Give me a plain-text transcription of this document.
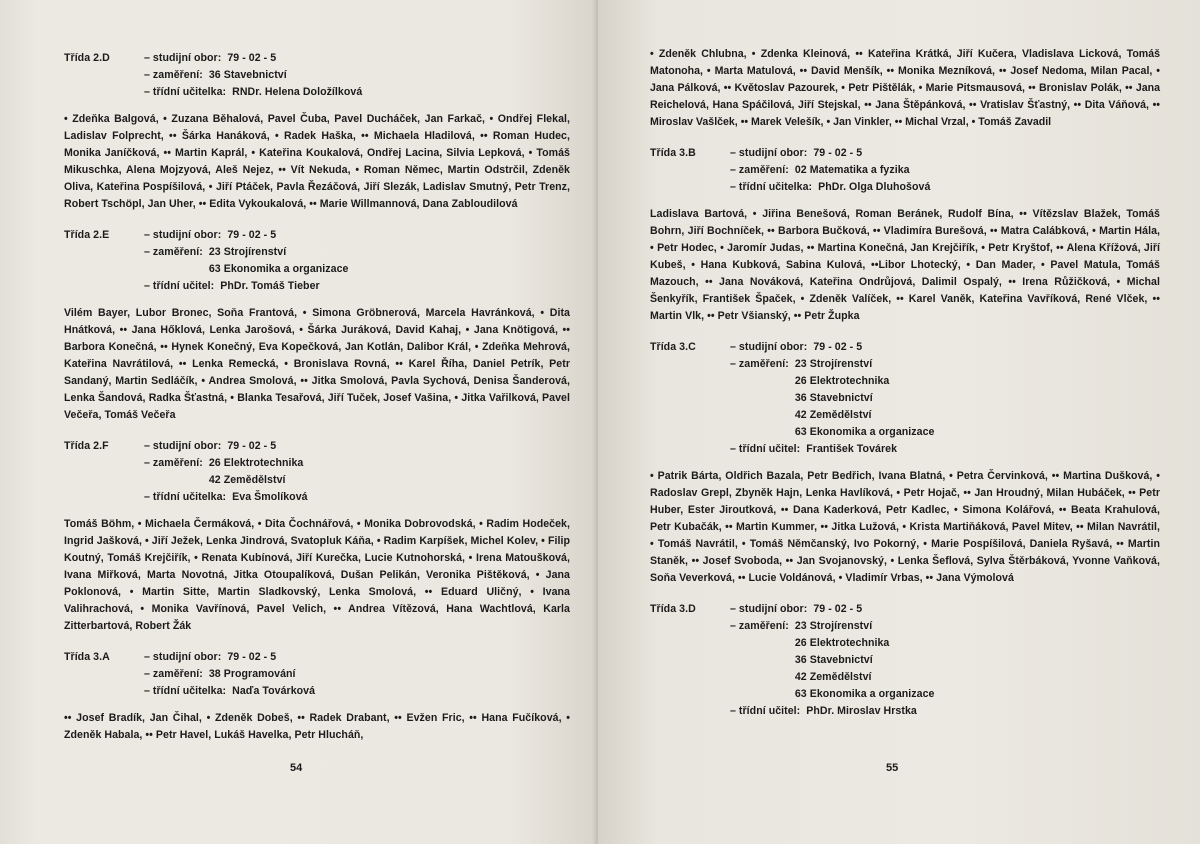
Třída 2.D	– studijní obor: 79 - 02 - 5
– zaměření: 36 Stavebnictví
– třídní učitelka: RNDr. Helena Doložílková

• Zdeňka Balgová, • Zuzana Běhalová, Pavel Čuba, Pavel Ducháček, Jan Farkač, • Ondřej Flekal, Ladislav Folprecht, •• Šárka Hanáková, • Radek Haška, •• Michaela Hladilová, •• Roman Hudec, Monika Janíčková, •• Martin Kaprál, • Kateřina Koukalová, Ondřej Lacina, Silvia Lepková, • Tomáš Mikuschka, Alena Mojzyová, Aleš Nejez, •• Vít Nekuda, • Roman Němec, Martin Odstrčil, Zdeněk Oliva, Kateřina Pospíšilová, • Jiří Ptáček, Pavla Řezáčová, Jiří Slezák, Ladislav Smutný, Petr Trenz, Robert Tschöpl, Jan Uher, •• Edita Vykoukalová, •• Marie Willmannová, Dana Zabloudilová

Třída 2.E	– studijní obor: 79 - 02 - 5
– zaměření: 23 Strojírenství
63 Ekonomika a organizace
– třídní učitel: PhDr. Tomáš Tieber

Vilém Bayer, Lubor Bronec, Soňa Frantová, • Simona Gröbnerová, Marcela Havránková, • Dita Hnátková, •• Jana Hőklová, Lenka Jarošová, • Šárka Juráková, David Kahaj, • Jana Knötigová, •• Barbora Konečná, •• Hynek Konečný, Eva Kopečková, Jan Kotlán, Dalibor Král, • Zdeňka Mehrová, Kateřina Navrátilová, •• Lenka Remecká, • Bronislava Rovná, •• Karel Říha, Daniel Petrík, Petr Sandaný, Martin Sedláčík, • Andrea Smolová, •• Jitka Smolová, Pavla Sychová, Denisa Šanderová, Lenka Šandová, Radka Šťastná, • Blanka Tesařová, Jiří Tuček, Josef Vašina, • Jitka Vařilková, Pavel Večeřa, Tomáš Večeřa

Třída 2.F	– studijní obor: 79 - 02 - 5
– zaměření: 26 Elektrotechnika
42 Zemědělství
– třídní učitelka: Eva Šmolíková

Tomáš Böhm, • Michaela Čermáková, • Dita Čochnářová, • Monika Dobrovodská, • Radim Hodeček, Ingrid Jašková, • Jiří Ježek, Lenka Jindrová, Svatopluk Káňa, • Radim Karpíšek, Michel Kolev, • Filip Koutný, Tomáš Krejčiřík, • Renata Kubínová, Jiří Kurečka, Lucie Kutnohorská, • Irena Matoušková, Ivana Miřková, Marta Novotná, Jitka Otoupalíková, Dušan Pelikán, Veronika Pištěková, • Jana Poklonová, • Martin Sitte, Martin Sladkovský, Lenka Smolová, •• Eduard Uličný, • Ivana Valihrachová, • Monika Vavřínová, Pavel Velich, •• Andrea Vítězová, Hana Wachtlová, Karla Zitterbartová, Robert Žák

Třída 3.A	– studijní obor: 79 - 02 - 5
– zaměření: 38 Programování
– třídní učitelka: Naďa Továrková

•• Josef Bradík, Jan Čihal, • Zdeněk Dobeš, •• Radek Drabant, •• Evžen Fric, •• Hana Fučíková, • Zdeněk Habala, •• Petr Havel, Lukáš Havelka, Petr Hlucháň,

54

• Zdeněk Chlubna, • Zdenka Kleinová, •• Kateřina Krátká, Jiří Kučera, Vladislava Licková, Tomáš Matonoha, • Marta Matulová, •• David Menšík, •• Monika Mezníková, •• Josef Nedoma, Milan Pacal, • Jana Pálková, •• Květoslav Pazourek, • Petr Pištělák, • Marie Pitsmausová, •• Bronislav Polák, •• Jana Reichelová, Hana Spáčilová, Jiří Stejskal, •• Jana Štěpánková, •• Vratislav Šťastný, •• Dita Váňová, •• Miroslav Vašlček, •• Marek Velešík, • Jan Vinkler, •• Michal Vrzal, • Tomáš Zavadil

Třída 3.B	– studijní obor: 79 - 02 - 5
– zaměření: 02 Matematika a fyzika
– třídní učitelka: PhDr. Olga Dluhošová

Ladislava Bartová, • Jiřina Benešová, Roman Beránek, Rudolf Bína, •• Vítězslav Blažek, Tomáš Bohrn, Jiří Bochníček, •• Barbora Bučková, •• Vladimíra Burešová, •• Matra Calábková, • Martin Hála, • Petr Hodec, • Jaromír Judas, •• Martina Konečná, Jan Krejčiřík, • Petr Kryštof, •• Alena Křížová, Jiří Kubeš, • Hana Kubková, Sabina Kulová, ••Libor Lhotecký, • Dan Mader, • Pavel Matula, Tomáš Mazouch, •• Jana Nováková, Kateřina Ondrůjová, Dalimil Ospalý, •• Irena Růžičková, • Michal Šenkyřík, František Špaček, • Zdeněk Valíček, •• Karel Vaněk, Kateřina Vavříková, René Vlček, •• Martin Vlk, •• Petr Všianský, •• Petr Župka

Třída 3.C	– studijní obor: 79 - 02 - 5
– zaměření: 23 Strojírenství
26 Elektrotechnika
36 Stavebnictví
42 Zemědělství
63 Ekonomika a organizace
– třídní učitel: František Továrek

• Patrik Bárta, Oldřich Bazala, Petr Bedřich, Ivana Blatná, • Petra Červinková, •• Martina Dušková, • Radoslav Grepl, Zbyněk Hajn, Lenka Havlíková, • Petr Hojač, •• Jan Hroudný, Milan Hubáček, •• Petr Huber, Ester Jiroutková, •• Dana Kaderková, Petr Kadlec, • Simona Kolářová, •• Beata Krahulová, Petr Kubačák, •• Martin Kummer, •• Jitka Lužová, • Krista Martiňáková, Pavel Mitev, •• Milan Navrátil, • Tomáš Navrátil, • Tomáš Němčanský, Ivo Pokorný, • Marie Pospíšilová, Daniela Ryšavá, •• Martin Staněk, •• Josef Svoboda, •• Jan Svojanovský, • Lenka Šeflová, Sylva Štěrbáková, Yvonne Vaňková, Soňa Veverková, •• Lucie Voldánová, • Vladimír Vrbas, •• Jana Výmolová

Třída 3.D	– studijní obor: 79 - 02 - 5
– zaměření: 23 Strojírenství
26 Elektrotechnika
36 Stavebnictví
42 Zemědělství
63 Ekonomika a organizace
– třídní učitel: PhDr. Miroslav Hrstka
55
